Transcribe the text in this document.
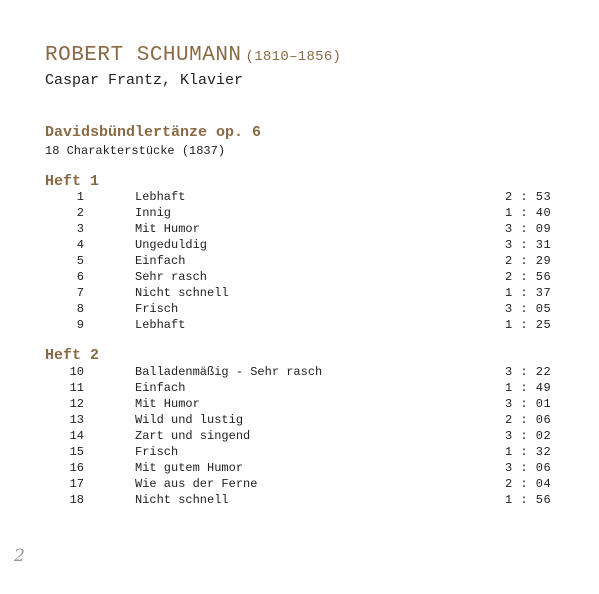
ROBERT SCHUMANN (1810–1856)
Caspar Frantz, Klavier
Davidsbündlertänze op. 6
18 Charakterstücke (1837)
Heft 1
1	Lebhaft	2 : 53
2	Innig	1 : 40
3	Mit Humor	3 : 09
4	Ungeduldig	3 : 31
5	Einfach	2 : 29
6	Sehr rasch	2 : 56
7	Nicht schnell	1 : 37
8	Frisch	3 : 05
9	Lebhaft	1 : 25
Heft 2
10	Balladenmäßig - Sehr rasch	3 : 22
11	Einfach	1 : 49
12	Mit Humor	3 : 01
13	Wild und lustig	2 : 06
14	Zart und singend	3 : 02
15	Frisch	1 : 32
16	Mit gutem Humor	3 : 06
17	Wie aus der Ferne	2 : 04
18	Nicht schnell	1 : 56
2
